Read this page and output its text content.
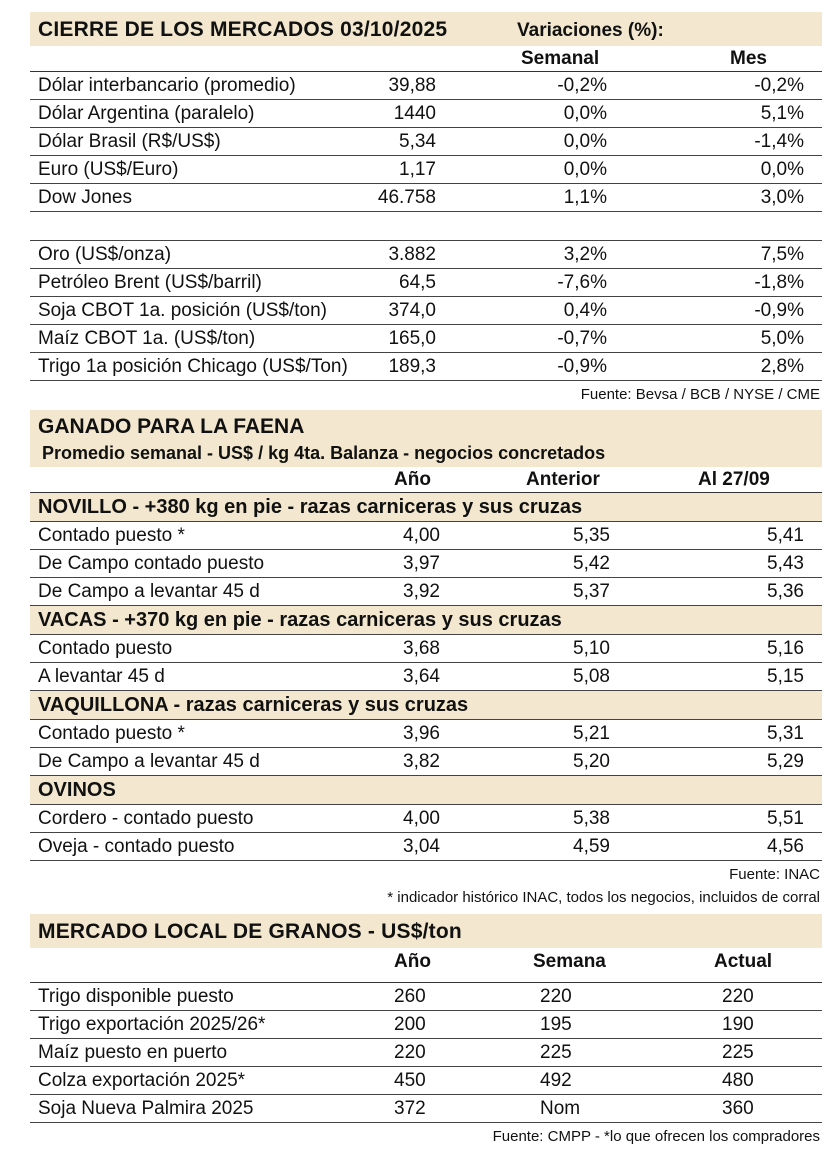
CIERRE DE LOS MERCADOS 03/10/2025	Variaciones (%):
Semanal	Mes
Dólar interbancario (promedio)	39,88	-0,2%	-0,2%
Dólar Argentina (paralelo)	1440	0,0%	5,1%
Dólar Brasil (R$/US$)	5,34	0,0%	-1,4%
Euro (US$/Euro)	1,17	0,0%	0,0%
Dow Jones	46.758	1,1%	3,0%
Oro (US$/onza)	3.882	3,2%	7,5%
Petróleo Brent (US$/barril)	64,5	-7,6%	-1,8%
Soja CBOT 1a. posición (US$/ton)	374,0	0,4%	-0,9%
Maíz CBOT 1a. (US$/ton)	165,0	-0,7%	5,0%
Trigo 1a posición Chicago (US$/Ton) 189,3	-0,9%	2,8%
Fuente: Bevsa / BCB / NYSE / CME
GANADO PARA LA FAENA
Promedio semanal - US$ / kg 4ta. Balanza - negocios concretados
Año	Anterior	Al 27/09
NOVILLO - +380 kg en pie - razas carniceras y sus cruzas
Contado puesto *	4,00	5,35	5,41
De Campo contado puesto	3,97	5,42	5,43
De Campo a levantar 45 d	3,92	5,37	5,36
VACAS - +370 kg en pie - razas carniceras y sus cruzas
Contado puesto	3,68	5,10	5,16
A levantar 45 d	3,64	5,08	5,15
VAQUILLONA - razas carniceras y sus cruzas
Contado puesto *	3,96	5,21	5,31
De Campo a levantar 45 d	3,82	5,20	5,29
OVINOS
Cordero - contado puesto	4,00	5,38	5,51
Oveja - contado puesto	3,04	4,59	4,56
Fuente: INAC
* indicador histórico INAC, todos los negocios, incluidos de corral
MERCADO LOCAL DE GRANOS - US$/ton
Año	Semana	Actual
Trigo disponible puesto	260	220	220
Trigo exportación 2025/26*	200	195	190
Maíz puesto en puerto	220	225	225
Colza exportación 2025*	450	492	480
Soja Nueva Palmira 2025	372	Nom	360
Fuente: CMPP - *lo que ofrecen los compradores
